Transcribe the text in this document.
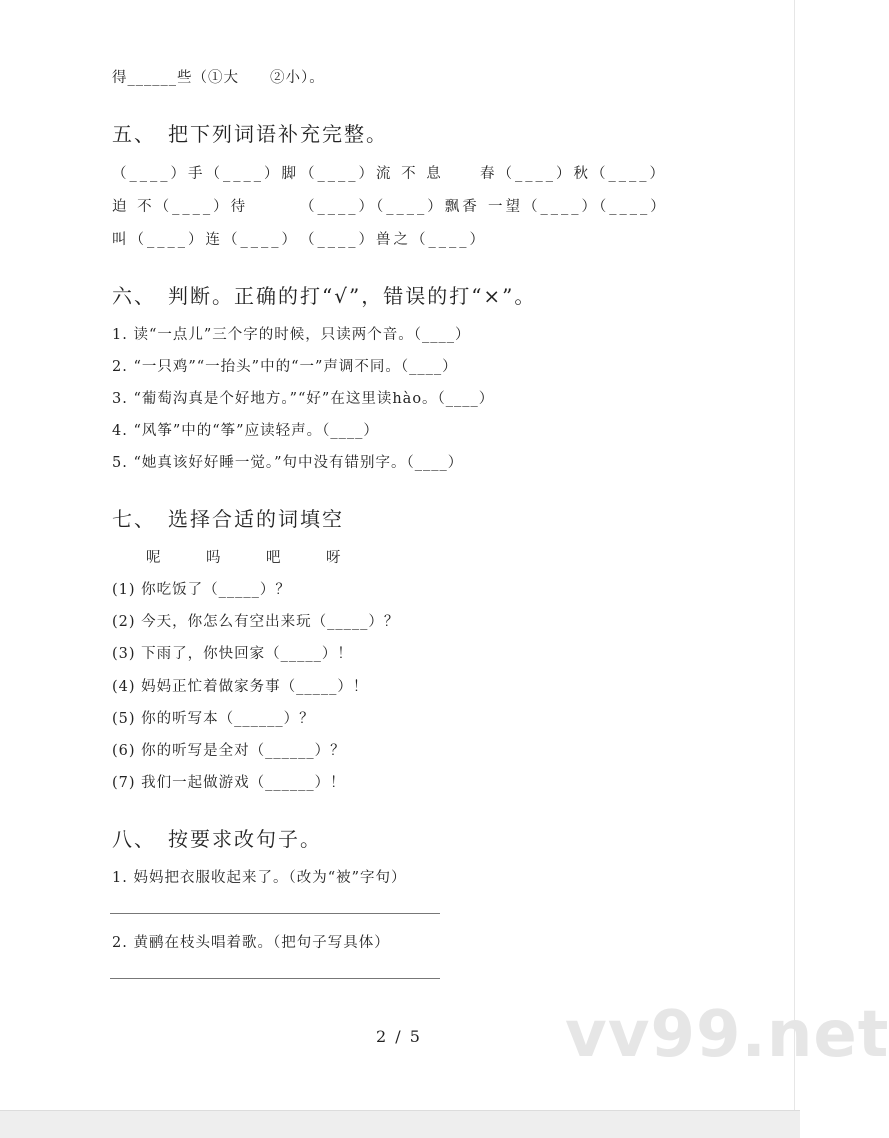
得______些（①大　　②小）。
五、　把下列词语补充完整。
（____）手（____）脚 （____）流 不 息	春（____）秋（____）
迫 不（____）待	（____）（____）飘香 一望（____）（____）
叫（____）连（____） （____）兽之（____）
六、　判断。正确的打“√”，错误的打“×”。
1. 读“一点儿”三个字的时候，只读两个音。（____）
2. “一只鸡”“一抬头”中的“一”声调不同。（____）
3. “葡萄沟真是个好地方。”“好”在这里读hào。（____）
4. “风筝”中的“筝”应读轻声。（____）
5. “她真该好好睡一觉。”句中没有错别字。（____）
七、　选择合适的词填空
呢	吗	吧	呀
(1) 你吃饭了（_____）？
(2) 今天，你怎么有空出来玩（_____）？
(3) 下雨了，你快回家（_____）！
(4) 妈妈正忙着做家务事（_____）！
(5) 你的听写本（______）？
(6) 你的听写是全对（______）？
(7) 我们一起做游戏（______）！
八、　按要求改句子。
1. 妈妈把衣服收起来了。（改为“被”字句）
2. 黄鹂在枝头唱着歌。（把句子写具体）
2 / 5 vv99.net
